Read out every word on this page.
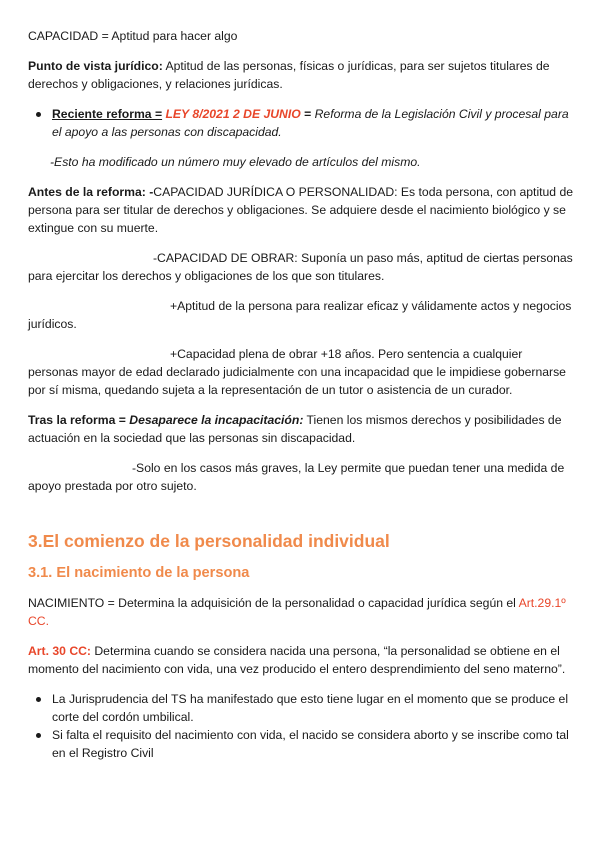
CAPACIDAD = Aptitud para hacer algo

Punto de vista jurídico: Aptitud de las personas, físicas o jurídicas, para ser sujetos titulares de derechos y obligaciones, y relaciones jurídicas.

Reciente reforma = LEY 8/2021 2 DE JUNIO = Reforma de la Legislación Civil y procesal para el apoyo a las personas con discapacidad.

-Esto ha modificado un número muy elevado de artículos del mismo.

Antes de la reforma: -CAPACIDAD JURÍDICA O PERSONALIDAD: Es toda persona, con aptitud de persona para ser titular de derechos y obligaciones. Se adquiere desde el nacimiento biológico y se extingue con su muerte.

-CAPACIDAD DE OBRAR: Suponía un paso más, aptitud de ciertas personas para ejercitar los derechos y obligaciones de los que son titulares.

+Aptitud de la persona para realizar eficaz y válidamente actos y negocios jurídicos.

+Capacidad plena de obrar +18 años. Pero sentencia a cualquier personas mayor de edad declarado judicialmente con una incapacidad que le impidiese gobernarse por sí misma, quedando sujeta a la representación de un tutor o asistencia de un curador.

Tras la reforma = Desaparece la incapacitación: Tienen los mismos derechos y posibilidades de actuación en la sociedad que las personas sin discapacidad.

-Solo en los casos más graves, la Ley permite que puedan tener una medida de apoyo prestada por otro sujeto.

3.El comienzo de la personalidad individual
3.1. El nacimiento de la persona

NACIMIENTO = Determina la adquisición de la personalidad o capacidad jurídica según el Art.29.1º CC.

Art. 30 CC: Determina cuando se considera nacida una persona, “la personalidad se obtiene en el momento del nacimiento con vida, una vez producido el entero desprendimiento del seno materno”.

La Jurisprudencia del TS ha manifestado que esto tiene lugar en el momento que se produce el corte del cordón umbilical.

Si falta el requisito del nacimiento con vida, el nacido se considera aborto y se inscribe como tal en el Registro Civil
